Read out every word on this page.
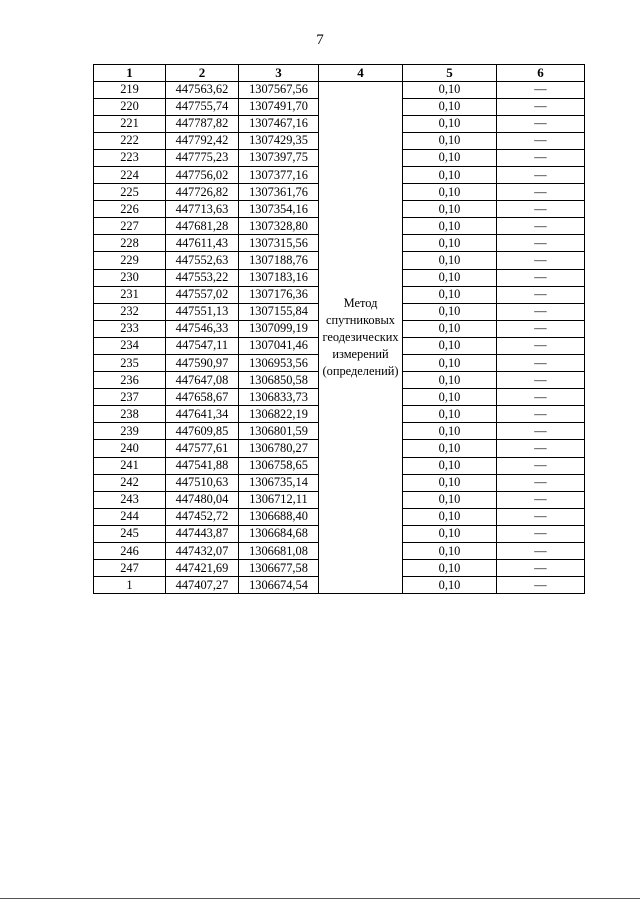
7
1	2	3	4	5	6
219	447563,62	1307567,56	Метод спутниковых геодезических измерений (определений)	0,10	—
220	447755,74	1307491,70		0,10	—
221	447787,82	1307467,16		0,10	—
222	447792,42	1307429,35		0,10	—
223	447775,23	1307397,75		0,10	—
224	447756,02	1307377,16		0,10	—
225	447726,82	1307361,76		0,10	—
226	447713,63	1307354,16		0,10	—
227	447681,28	1307328,80		0,10	—
228	447611,43	1307315,56		0,10	—
229	447552,63	1307188,76		0,10	—
230	447553,22	1307183,16		0,10	—
231	447557,02	1307176,36		0,10	—
232	447551,13	1307155,84		0,10	—
233	447546,33	1307099,19		0,10	—
234	447547,11	1307041,46		0,10	—
235	447590,97	1306953,56		0,10	—
236	447647,08	1306850,58		0,10	—
237	447658,67	1306833,73		0,10	—
238	447641,34	1306822,19		0,10	—
239	447609,85	1306801,59		0,10	—
240	447577,61	1306780,27		0,10	—
241	447541,88	1306758,65		0,10	—
242	447510,63	1306735,14		0,10	—
243	447480,04	1306712,11		0,10	—
244	447452,72	1306688,40		0,10	—
245	447443,87	1306684,68		0,10	—
246	447432,07	1306681,08		0,10	—
247	447421,69	1306677,58		0,10	—
1	447407,27	1306674,54		0,10	—
